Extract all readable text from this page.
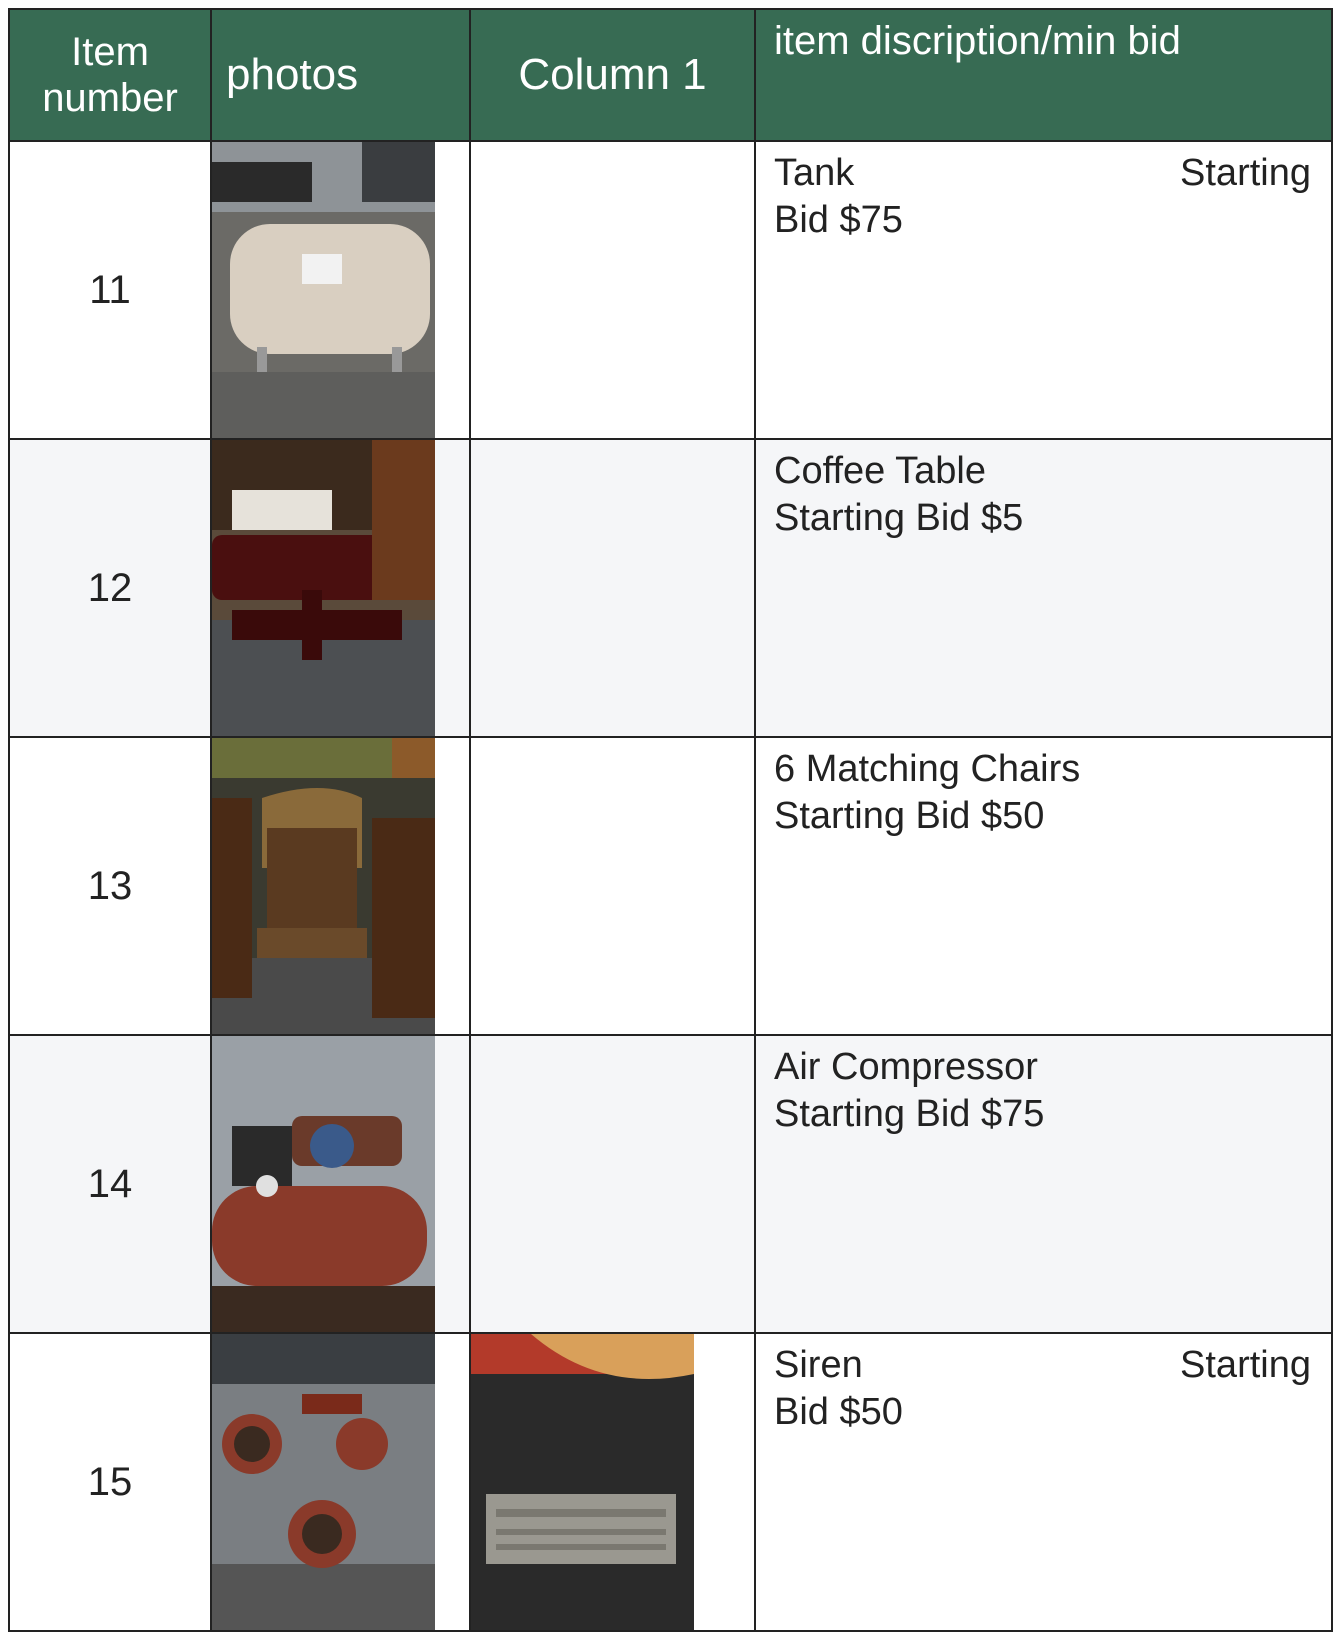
Item number	photos	Column 1	item discription/min bid
11			Tank Starting
Bid $75

12			Coffee Table
Starting Bid $5

13			6 Matching Chairs
Starting Bid $50

14			Air Compressor
Starting Bid $75

15			Siren Starting
Bid $50
